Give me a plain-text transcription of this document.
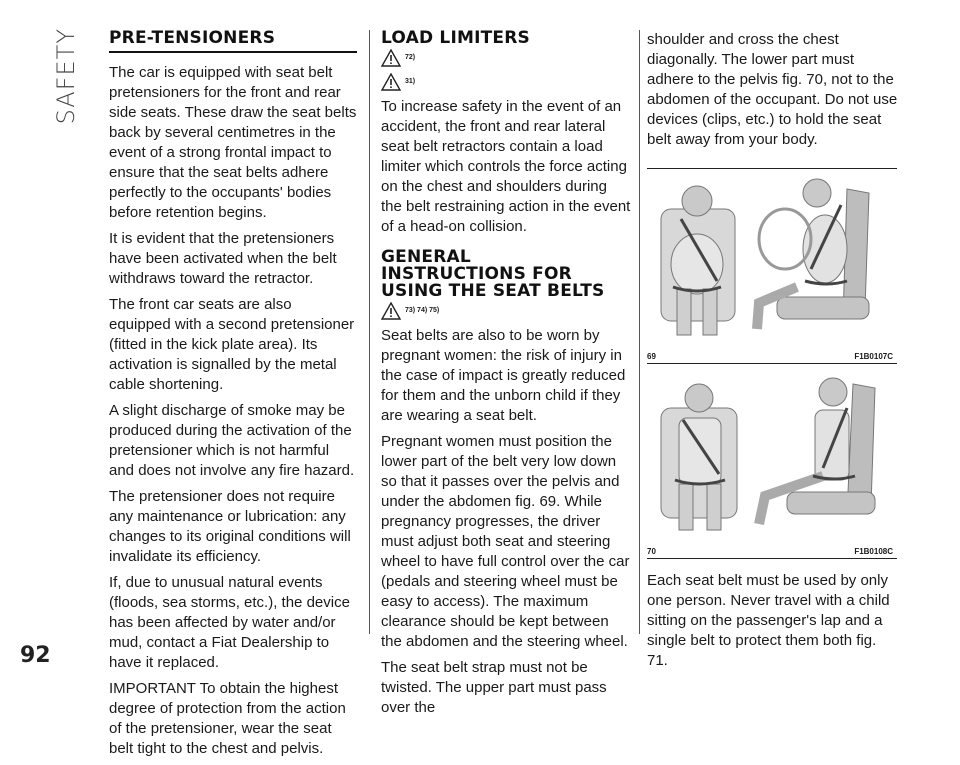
SAFETY
92
PRE-TENSIONERS

The car is equipped with seat belt pretensioners for the front and rear side seats. These draw the seat belts back by several centimetres in the event of a strong frontal impact to ensure that the seat belts adhere perfectly to the occupants' bodies before retention begins.

It is evident that the pretensioners have been activated when the belt withdraws toward the retractor.

The front car seats are also equipped with a second pretensioner (fitted in the kick plate area). Its activation is signalled by the metal cable shortening.

A slight discharge of smoke may be produced during the activation of the pretensioner which is not harmful and does not involve any fire hazard.

The pretensioner does not require any maintenance or lubrication: any changes to its original conditions will invalidate its efficiency.

If, due to unusual natural events (floods, sea storms, etc.), the device has been affected by water and/or mud, contact a Fiat Dealership to have it replaced.

IMPORTANT To obtain the highest degree of protection from the action of the pretensioner, wear the seat belt tight to the chest and pelvis.

LOAD LIMITERS
72)
31)

To increase safety in the event of an accident, the front and rear lateral seat belt retractors contain a load limiter which controls the force acting on the chest and shoulders during the belt restraining action in the event of a head-on collision.

GENERAL
INSTRUCTIONS FOR
USING THE SEAT BELTS
73) 74) 75)

Seat belts are also to be worn by pregnant women: the risk of injury in the case of impact is greatly reduced for them and the unborn child if they are wearing a seat belt.

Pregnant women must position the lower part of the belt very low down so that it passes over the pelvis and under the abdomen fig. 69. While pregnancy progresses, the driver must adjust both seat and steering wheel to have full control over the car (pedals and steering wheel must be easy to access). The maximum clearance should be kept between the abdomen and the steering wheel.

The seat belt strap must not be twisted. The upper part must pass over the

shoulder and cross the chest diagonally. The lower part must adhere to the pelvis fig. 70, not to the abdomen of the occupant. Do not use devices (clips, etc.) to hold the seat belt away from your body.

69	F1B0107C
70	F1B0108C

Each seat belt must be used by only one person. Never travel with a child sitting on the passenger's lap and a single belt to protect them both fig. 71.
